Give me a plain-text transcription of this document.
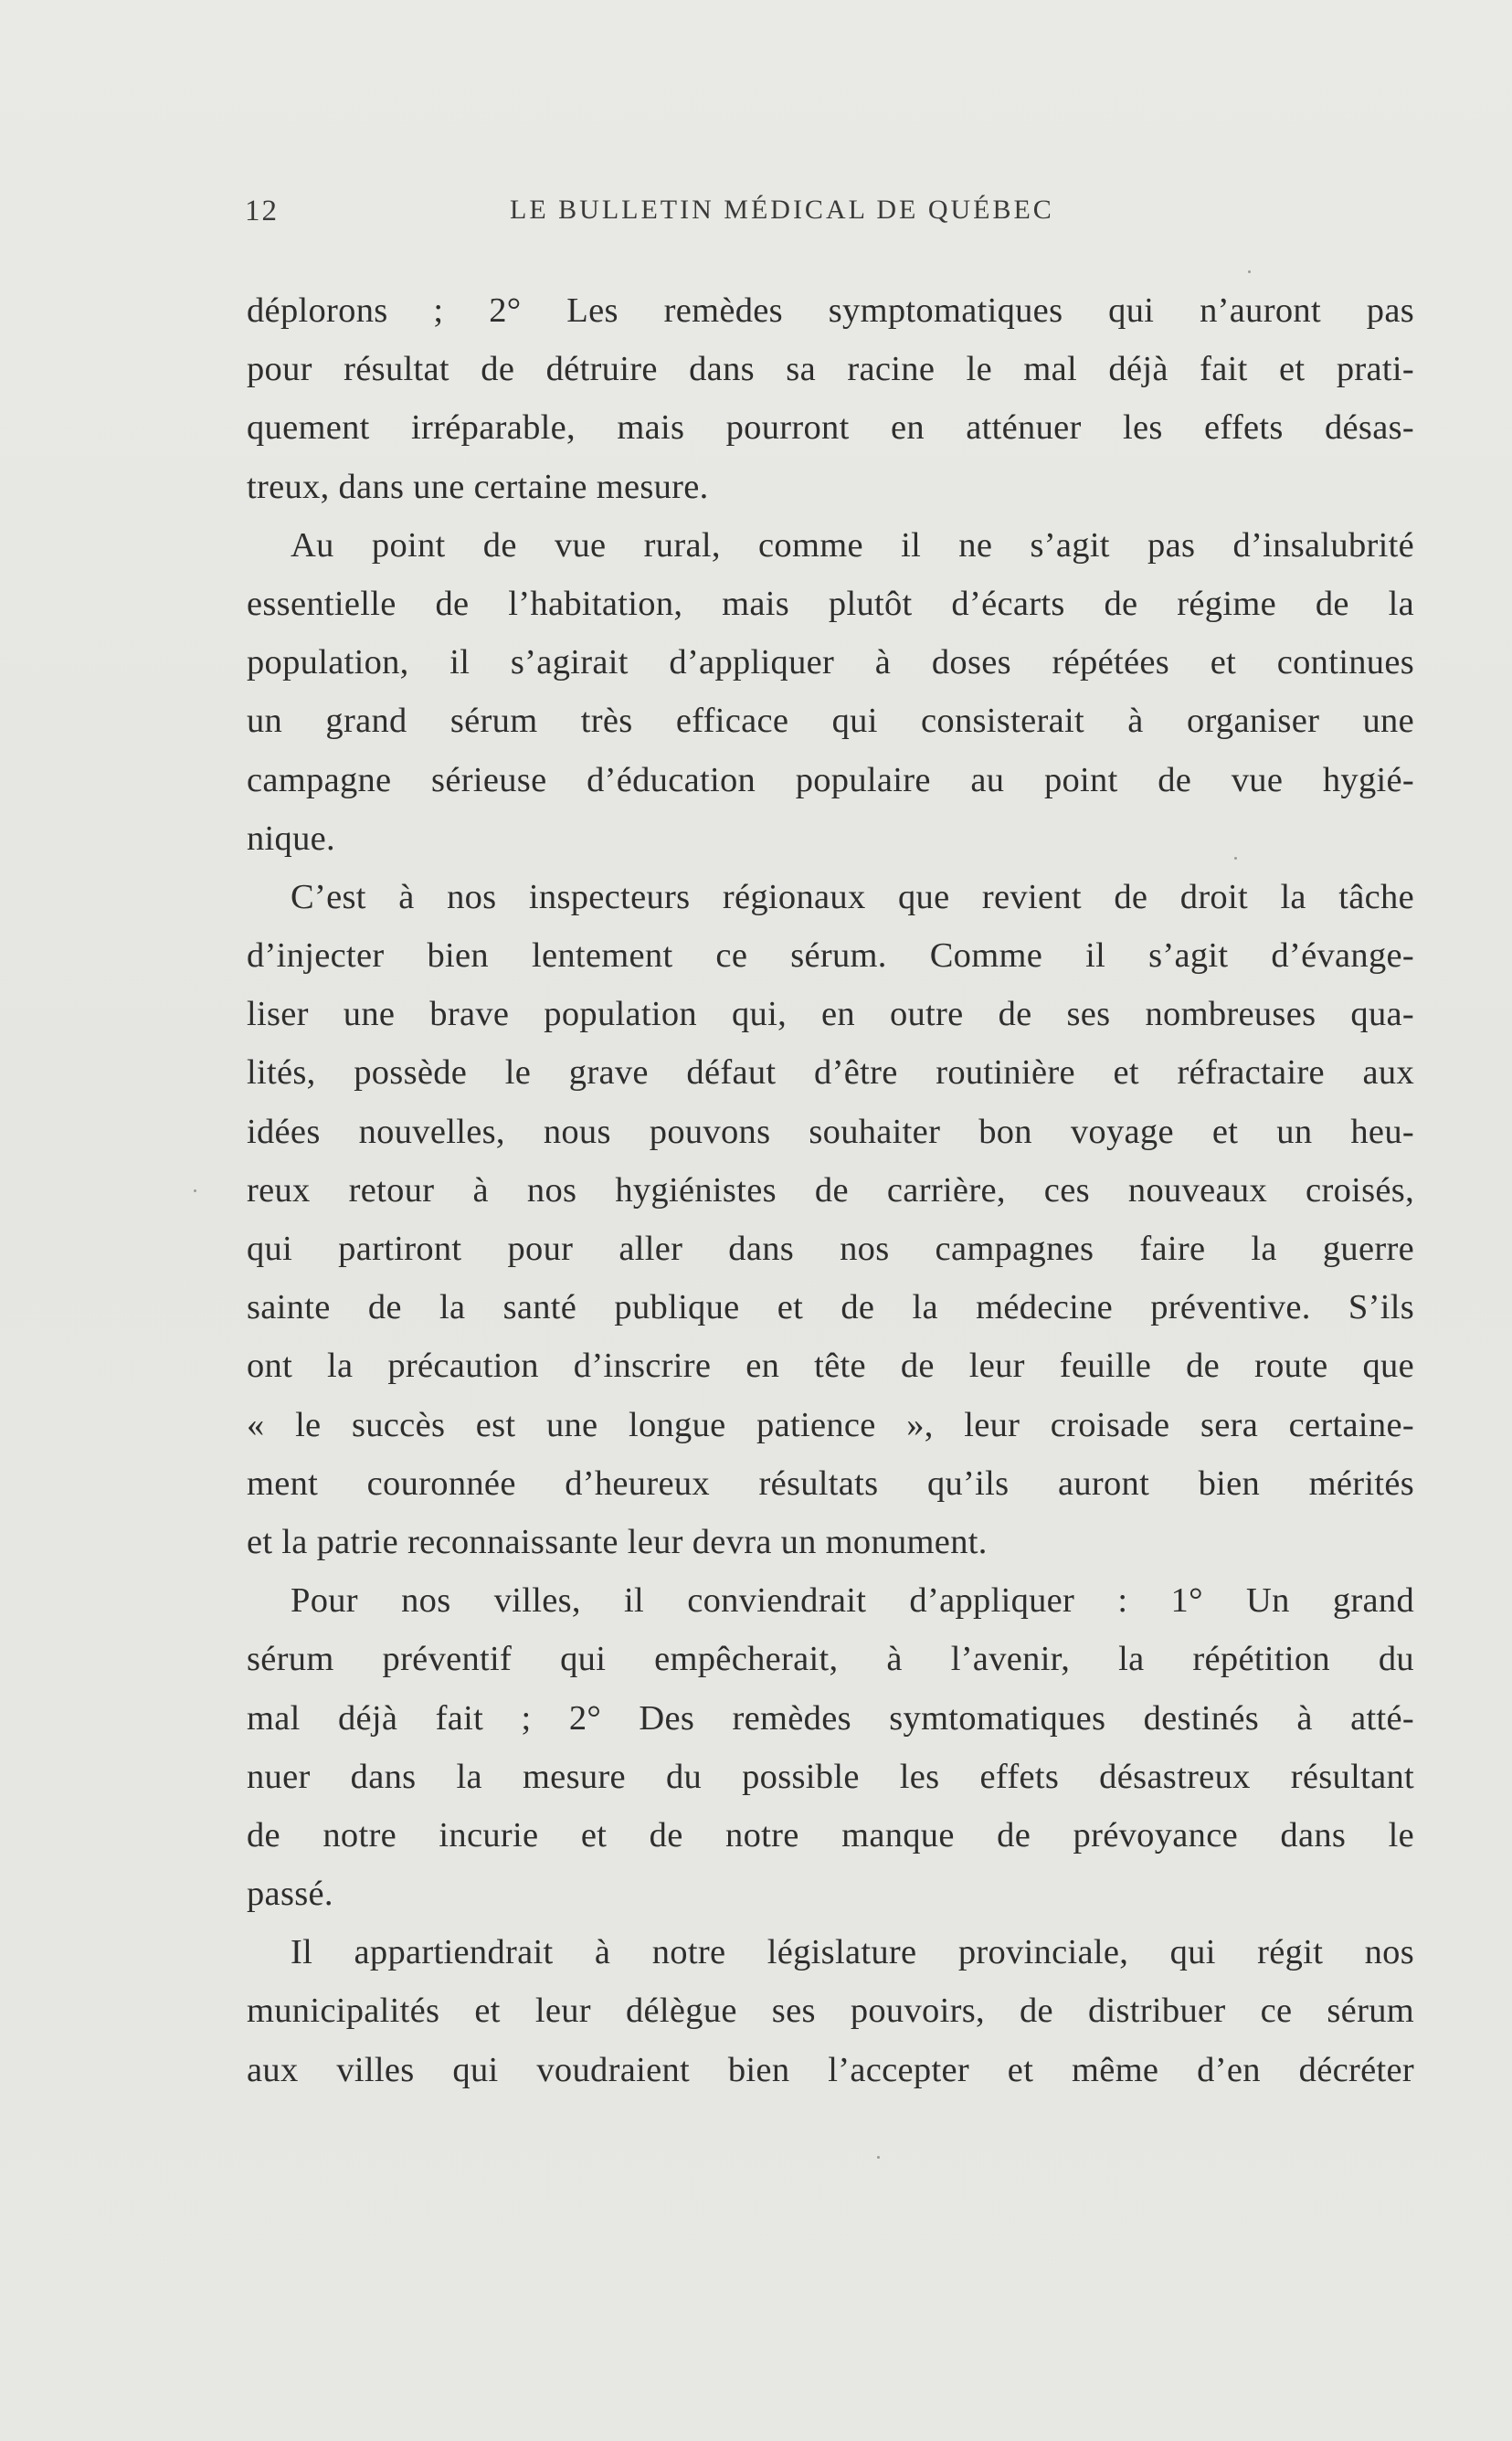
12	LE BULLETIN MÉDICAL DE QUÉBEC
déplorons ; 2° Les remèdes symptomatiques qui n’auront pas
pour résultat de détruire dans sa racine le mal déjà fait et prati-
quement irréparable, mais pourront en atténuer les effets désas-
treux, dans une certaine mesure.
Au point de vue rural, comme il ne s’agit pas d’insalubrité
essentielle de l’habitation, mais plutôt d’écarts de régime de la
population, il s’agirait d’appliquer à doses répétées et continues
un grand sérum très efficace qui consisterait à organiser une
campagne sérieuse d’éducation populaire au point de vue hygié-
nique.
C’est à nos inspecteurs régionaux que revient de droit la tâche
d’injecter bien lentement ce sérum. Comme il s’agit d’évange-
liser une brave population qui, en outre de ses nombreuses qua-
lités, possède le grave défaut d’être routinière et réfractaire aux
idées nouvelles, nous pouvons souhaiter bon voyage et un heu-
reux retour à nos hygiénistes de carrière, ces nouveaux croisés,
qui partiront pour aller dans nos campagnes faire la guerre
sainte de la santé publique et de la médecine préventive. S’ils
ont la précaution d’inscrire en tête de leur feuille de route que
« le succès est une longue patience », leur croisade sera certaine-
ment couronnée d’heureux résultats qu’ils auront bien mérités
et la patrie reconnaissante leur devra un monument.
Pour nos villes, il conviendrait d’appliquer : 1° Un grand
sérum préventif qui empêcherait, à l’avenir, la répétition du
mal déjà fait ; 2° Des remèdes symtomatiques destinés à atté-
nuer dans la mesure du possible les effets désastreux résultant
de notre incurie et de notre manque de prévoyance dans le
passé.
Il appartiendrait à notre législature provinciale, qui régit nos
municipalités et leur délègue ses pouvoirs, de distribuer ce sérum
aux villes qui voudraient bien l’accepter et même d’en décréter
